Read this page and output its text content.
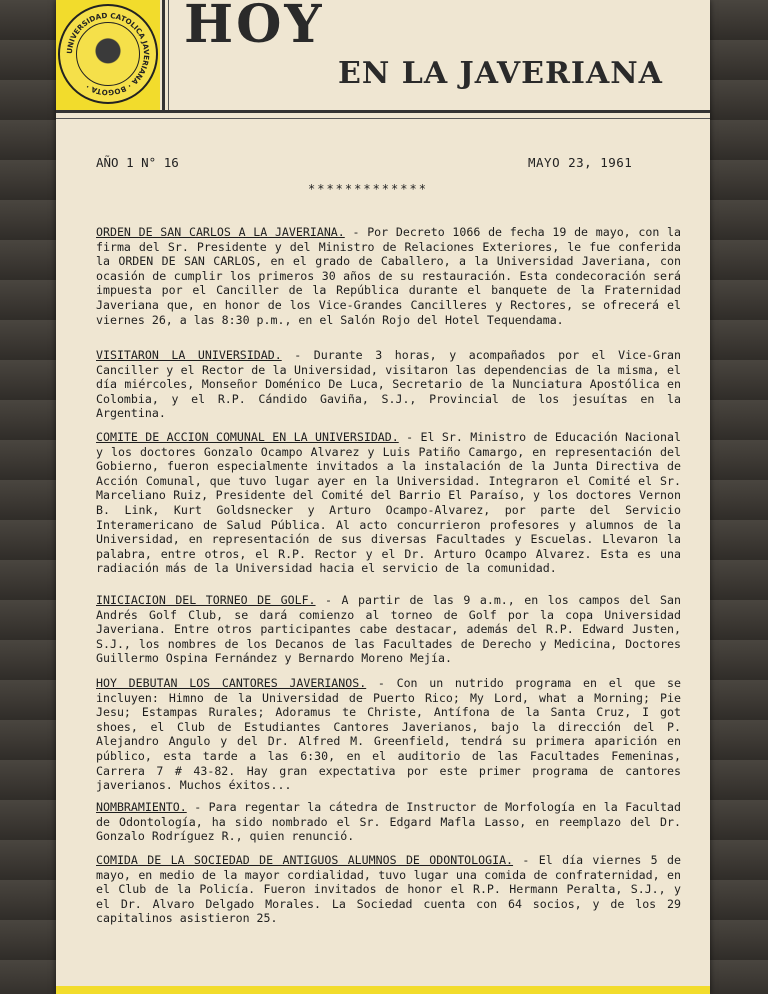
UNIVERSIDAD CATOLICA JAVERIANA · BOGOTA ·
HOY
EN LA JAVERIANA
AÑO 1 N° 16	MAYO 23, 1961
*************
ORDEN DE SAN CARLOS A LA JAVERIANA. - Por Decreto 1066 de fecha 19 de mayo, con la firma del Sr. Presidente y del Ministro de Relaciones Exteriores, le fue conferida la ORDEN DE SAN CARLOS, en el grado de Caballero, a la Universidad Javeriana, con ocasión de cumplir los primeros 30 años de su restauración. Esta condecoración será impuesta por el Canciller de la República durante el banquete de la Fraternidad Javeriana que, en honor de los Vice-Grandes Cancilleres y Rectores, se ofrecerá el viernes 26, a las 8:30 p.m., en el Salón Rojo del Hotel Tequendama.
VISITARON LA UNIVERSIDAD. - Durante 3 horas, y acompañados por el Vice-Gran Canciller y el Rector de la Universidad, visitaron las dependencias de la misma, el día miércoles, Monseñor Doménico De Luca, Secretario de la Nunciatura Apostólica en Colombia, y el R.P. Cándido Gaviña, S.J., Provincial de los jesuítas en la Argentina.
COMITE DE ACCION COMUNAL EN LA UNIVERSIDAD. - El Sr. Ministro de Educación Nacional y los doctores Gonzalo Ocampo Alvarez y Luis Patiño Camargo, en representación del Gobierno, fueron especialmente invitados a la instalación de la Junta Directiva de Acción Comunal, que tuvo lugar ayer en la Universidad. Integraron el Comité el Sr. Marceliano Ruiz, Presidente del Comité del Barrio El Paraíso, y los doctores Vernon B. Link, Kurt Goldsnecker y Arturo Ocampo-Alvarez, por parte del Servicio Interamericano de Salud Pública. Al acto concurrieron profesores y alumnos de la Universidad, en representación de sus diversas Facultades y Escuelas. Llevaron la palabra, entre otros, el R.P. Rector y el Dr. Arturo Ocampo Alvarez. Esta es una radiación más de la Universidad hacia el servicio de la comunidad.
INICIACION DEL TORNEO DE GOLF. - A partir de las 9 a.m., en los campos del San Andrés Golf Club, se dará comienzo al torneo de Golf por la copa Universidad Javeriana. Entre otros participantes cabe destacar, además del R.P. Edward Justen, S.J., los nombres de los Decanos de las Facultades de Derecho y Medicina, Doctores Guillermo Ospina Fernández y Bernardo Moreno Mejía.
HOY DEBUTAN LOS CANTORES JAVERIANOS. - Con un nutrido programa en el que se incluyen: Himno de la Universidad de Puerto Rico; My Lord, what a Morning; Pie Jesu; Estampas Rurales; Adoramus te Christe, Antífona de la Santa Cruz, I got shoes, el Club de Estudiantes Cantores Javerianos, bajo la dirección del P. Alejandro Angulo y del Dr. Alfred M. Greenfield, tendrá su primera aparición en público, esta tarde a las 6:30, en el auditorio de las Facultades Femeninas, Carrera 7 # 43-82. Hay gran expectativa por este primer programa de cantores javerianos. Muchos éxitos...
NOMBRAMIENTO. - Para regentar la cátedra de Instructor de Morfología en la Facultad de Odontología, ha sido nombrado el Sr. Edgard Mafla Lasso, en reemplazo del Dr. Gonzalo Rodríguez R., quien renunció.
COMIDA DE LA SOCIEDAD DE ANTIGUOS ALUMNOS DE ODONTOLOGIA. - El día viernes 5 de mayo, en medio de la mayor cordialidad, tuvo lugar una comida de confraternidad, en el Club de la Policía. Fueron invitados de honor el R.P. Hermann Peralta, S.J., y el Dr. Alvaro Delgado Morales. La Sociedad cuenta con 64 socios, y de los 29 capitalinos asistieron 25.
